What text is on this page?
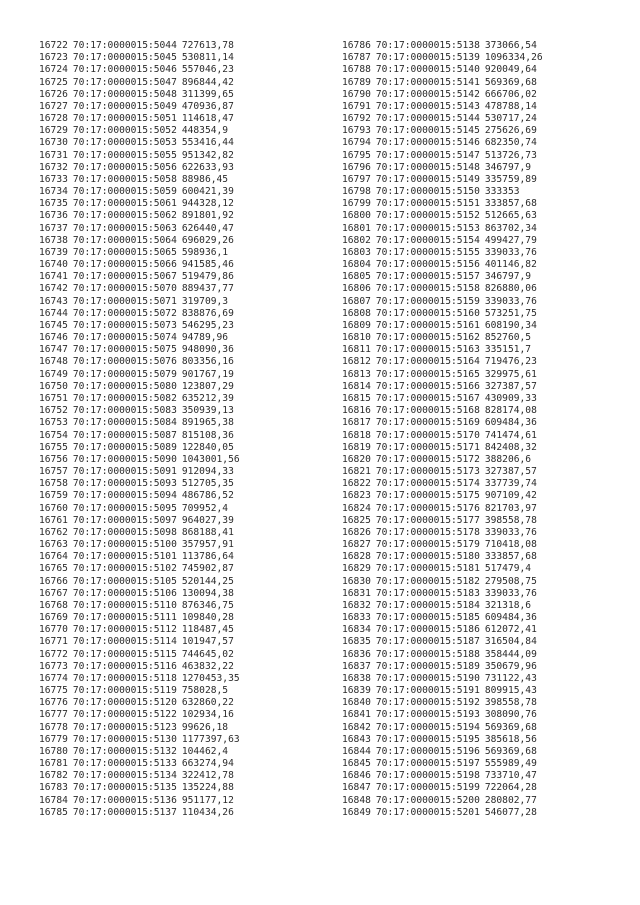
16722 70:17:0000015:5044 727613,78
16723 70:17:0000015:5045 530811,14
16724 70:17:0000015:5046 557046,23
16725 70:17:0000015:5047 896844,42
16726 70:17:0000015:5048 311399,65
16727 70:17:0000015:5049 470936,87
16728 70:17:0000015:5051 114618,47
16729 70:17:0000015:5052 448354,9
16730 70:17:0000015:5053 553416,44
16731 70:17:0000015:5055 951342,82
16732 70:17:0000015:5056 622633,93
16733 70:17:0000015:5058 88986,45
16734 70:17:0000015:5059 600421,39
16735 70:17:0000015:5061 944328,12
16736 70:17:0000015:5062 891801,92
16737 70:17:0000015:5063 626440,47
16738 70:17:0000015:5064 696029,26
16739 70:17:0000015:5065 598936,1
16740 70:17:0000015:5066 941585,46
16741 70:17:0000015:5067 519479,86
16742 70:17:0000015:5070 889437,77
16743 70:17:0000015:5071 319709,3
16744 70:17:0000015:5072 838876,69
16745 70:17:0000015:5073 546295,23
16746 70:17:0000015:5074 94789,96
16747 70:17:0000015:5075 948090,36
16748 70:17:0000015:5076 803356,16
16749 70:17:0000015:5079 901767,19
16750 70:17:0000015:5080 123807,29
16751 70:17:0000015:5082 635212,39
16752 70:17:0000015:5083 350939,13
16753 70:17:0000015:5084 891965,38
16754 70:17:0000015:5087 815108,36
16755 70:17:0000015:5089 122840,05
16756 70:17:0000015:5090 1043001,56
16757 70:17:0000015:5091 912094,33
16758 70:17:0000015:5093 512705,35
16759 70:17:0000015:5094 486786,52
16760 70:17:0000015:5095 709952,4
16761 70:17:0000015:5097 964027,39
16762 70:17:0000015:5098 868188,41
16763 70:17:0000015:5100 357957,91
16764 70:17:0000015:5101 113786,64
16765 70:17:0000015:5102 745902,87
16766 70:17:0000015:5105 520144,25
16767 70:17:0000015:5106 130094,38
16768 70:17:0000015:5110 876346,75
16769 70:17:0000015:5111 109840,28
16770 70:17:0000015:5112 118487,45
16771 70:17:0000015:5114 101947,57
16772 70:17:0000015:5115 744645,02
16773 70:17:0000015:5116 463832,22
16774 70:17:0000015:5118 1270453,35
16775 70:17:0000015:5119 758028,5
16776 70:17:0000015:5120 632860,22
16777 70:17:0000015:5122 102934,16
16778 70:17:0000015:5123 99626,18
16779 70:17:0000015:5130 1177397,63
16780 70:17:0000015:5132 104462,4
16781 70:17:0000015:5133 663274,94
16782 70:17:0000015:5134 322412,78
16783 70:17:0000015:5135 135224,88
16784 70:17:0000015:5136 951177,12
16785 70:17:0000015:5137 110434,26
16786 70:17:0000015:5138 373066,54
16787 70:17:0000015:5139 1096334,26
16788 70:17:0000015:5140 920049,64
16789 70:17:0000015:5141 569369,68
16790 70:17:0000015:5142 666706,02
16791 70:17:0000015:5143 478788,14
16792 70:17:0000015:5144 530717,24
16793 70:17:0000015:5145 275626,69
16794 70:17:0000015:5146 682350,74
16795 70:17:0000015:5147 513726,73
16796 70:17:0000015:5148 346797,9
16797 70:17:0000015:5149 335759,89
16798 70:17:0000015:5150 333353
16799 70:17:0000015:5151 333857,68
16800 70:17:0000015:5152 512665,63
16801 70:17:0000015:5153 863702,34
16802 70:17:0000015:5154 499427,79
16803 70:17:0000015:5155 339033,76
16804 70:17:0000015:5156 401146,82
16805 70:17:0000015:5157 346797,9
16806 70:17:0000015:5158 826880,06
16807 70:17:0000015:5159 339033,76
16808 70:17:0000015:5160 573251,75
16809 70:17:0000015:5161 608190,34
16810 70:17:0000015:5162 852760,5
16811 70:17:0000015:5163 335151,7
16812 70:17:0000015:5164 719476,23
16813 70:17:0000015:5165 329975,61
16814 70:17:0000015:5166 327387,57
16815 70:17:0000015:5167 430909,33
16816 70:17:0000015:5168 828174,08
16817 70:17:0000015:5169 609484,36
16818 70:17:0000015:5170 741474,61
16819 70:17:0000015:5171 842408,32
16820 70:17:0000015:5172 388206,6
16821 70:17:0000015:5173 327387,57
16822 70:17:0000015:5174 337739,74
16823 70:17:0000015:5175 907109,42
16824 70:17:0000015:5176 821703,97
16825 70:17:0000015:5177 398558,78
16826 70:17:0000015:5178 339033,76
16827 70:17:0000015:5179 710418,08
16828 70:17:0000015:5180 333857,68
16829 70:17:0000015:5181 517479,4
16830 70:17:0000015:5182 279508,75
16831 70:17:0000015:5183 339033,76
16832 70:17:0000015:5184 321318,6
16833 70:17:0000015:5185 609484,36
16834 70:17:0000015:5186 612072,41
16835 70:17:0000015:5187 316504,84
16836 70:17:0000015:5188 358444,09
16837 70:17:0000015:5189 350679,96
16838 70:17:0000015:5190 731122,43
16839 70:17:0000015:5191 809915,43
16840 70:17:0000015:5192 398558,78
16841 70:17:0000015:5193 308090,76
16842 70:17:0000015:5194 569369,68
16843 70:17:0000015:5195 385618,56
16844 70:17:0000015:5196 569369,68
16845 70:17:0000015:5197 555989,49
16846 70:17:0000015:5198 733710,47
16847 70:17:0000015:5199 722064,28
16848 70:17:0000015:5200 280802,77
16849 70:17:0000015:5201 546077,28
